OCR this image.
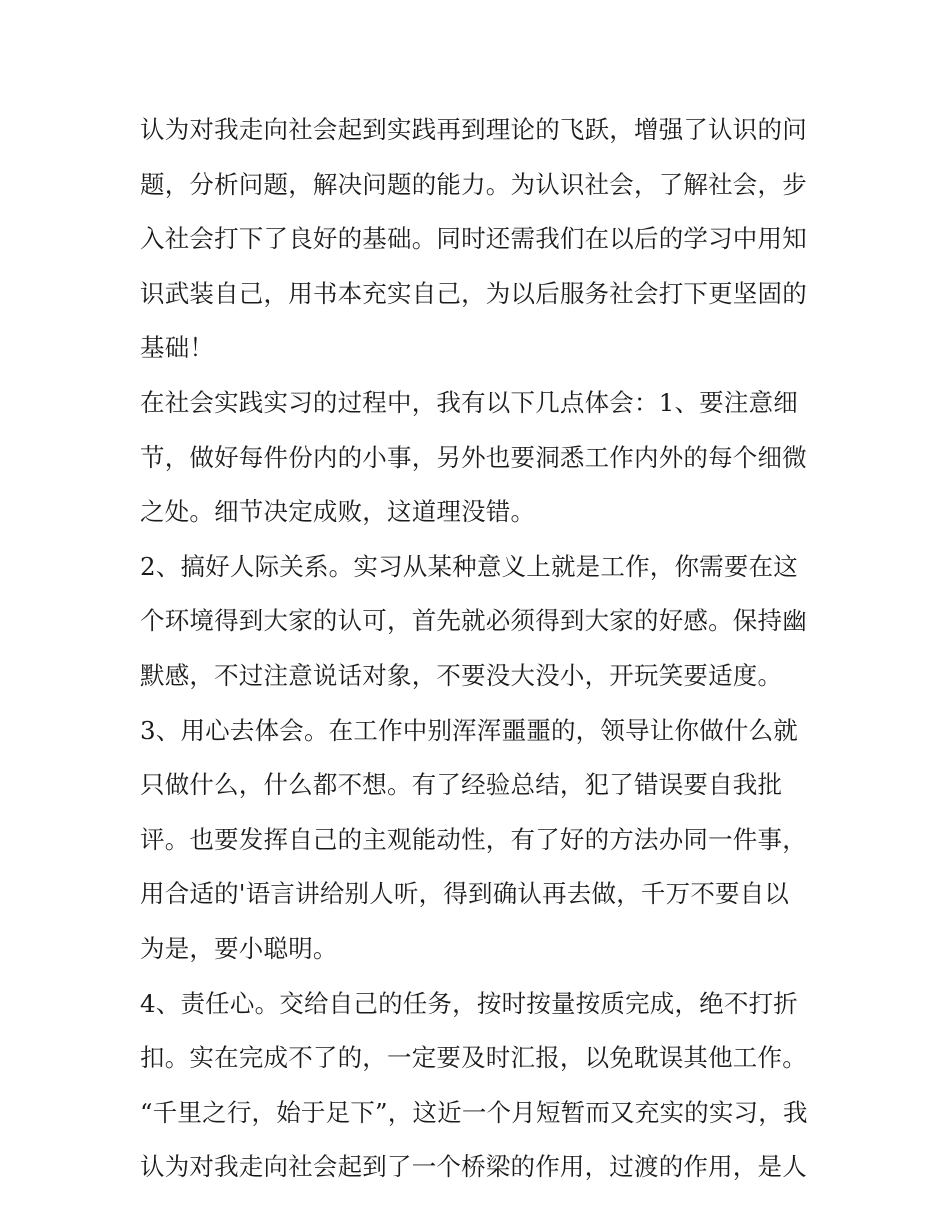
认为对我走向社会起到实践再到理论的飞跃，增强了认识的问
题，分析问题，解决问题的能力。为认识社会，了解社会，步
入社会打下了良好的基础。同时还需我们在以后的学习中用知
识武装自己，用书本充实自己，为以后服务社会打下更坚固的
基础！
在社会实践实习的过程中，我有以下几点体会：1、要注意细
节，做好每件份内的小事，另外也要洞悉工作内外的每个细微
之处。细节决定成败，这道理没错。
2、搞好人际关系。实习从某种意义上就是工作，你需要在这
个环境得到大家的认可，首先就必须得到大家的好感。保持幽
默感，不过注意说话对象，不要没大没小，开玩笑要适度。
3、用心去体会。在工作中别浑浑噩噩的，领导让你做什么就
只做什么，什么都不想。有了经验总结，犯了错误要自我批
评。也要发挥自己的主观能动性，有了好的方法办同一件事，
用合适的'语言讲给别人听，得到确认再去做，千万不要自以
为是，要小聪明。
4、责任心。交给自己的任务，按时按量按质完成，绝不打折
扣。实在完成不了的，一定要及时汇报，以免耽误其他工作。
“千里之行，始于足下”，这近一个月短暂而又充实的实习，我
认为对我走向社会起到了一个桥梁的作用，过渡的作用，是人
